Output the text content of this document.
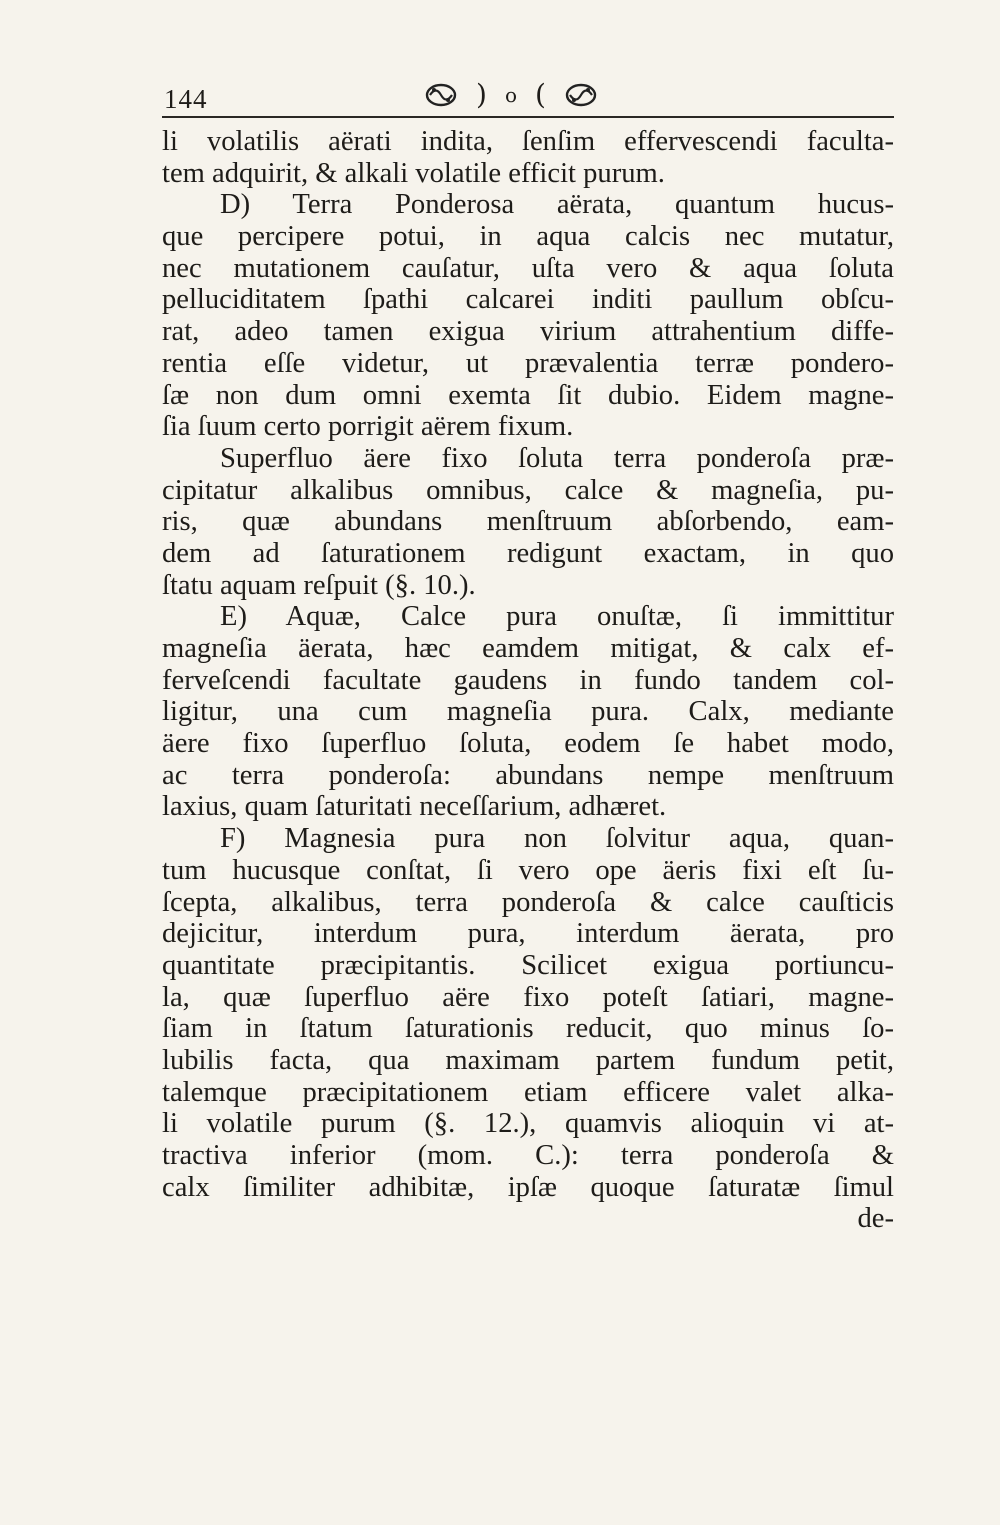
144	) o (
li volatilis aërati indita, ſenſim effervescendi faculta-
tem adquirit, & alkali volatile efficit purum.
D) Terra Ponderosa aërata, quantum hucus-
que percipere potui, in aqua calcis nec mutatur,
nec mutationem cauſatur, uſta vero & aqua ſoluta
pelluciditatem ſpathi calcarei inditi paullum obſcu-
rat, adeo tamen exigua virium attrahentium diffe-
rentia eſſe videtur, ut prævalentia terræ pondero-
ſæ non dum omni exemta ſit dubio. Eidem magne-
ſia ſuum certo porrigit aërem fixum.
Superfluo äere fixo ſoluta terra ponderoſa præ-
cipitatur alkalibus omnibus, calce & magneſia, pu-
ris, quæ abundans menſtruum abſorbendo, eam-
dem ad ſaturationem redigunt exactam, in quo
ſtatu aquam reſpuit (§. 10.).
E) Aquæ, Calce pura onuſtæ, ſi immittitur
magneſia äerata, hæc eamdem mitigat, & calx ef-
ferveſcendi facultate gaudens in fundo tandem col-
ligitur, una cum magneſia pura. Calx, mediante
äere fixo ſuperfluo ſoluta, eodem ſe habet modo,
ac terra ponderoſa: abundans nempe menſtruum
laxius, quam ſaturitati neceſſarium, adhæret.
F) Magnesia pura non ſolvitur aqua, quan-
tum hucusque conſtat, ſi vero ope äeris fixi eſt ſu-
ſcepta, alkalibus, terra ponderoſa & calce cauſticis
dejicitur, interdum pura, interdum äerata, pro
quantitate præcipitantis. Scilicet exigua portiuncu-
la, quæ ſuperfluo aëre fixo poteſt ſatiari, magne-
ſiam in ſtatum ſaturationis reducit, quo minus ſo-
lubilis facta, qua maximam partem fundum petit,
talemque præcipitationem etiam efficere valet alka-
li volatile purum (§. 12.), quamvis alioquin vi at-
tractiva inferior (mom. C.): terra ponderoſa &
calx ſimiliter adhibitæ, ipſæ quoque ſaturatæ ſimul
de-
